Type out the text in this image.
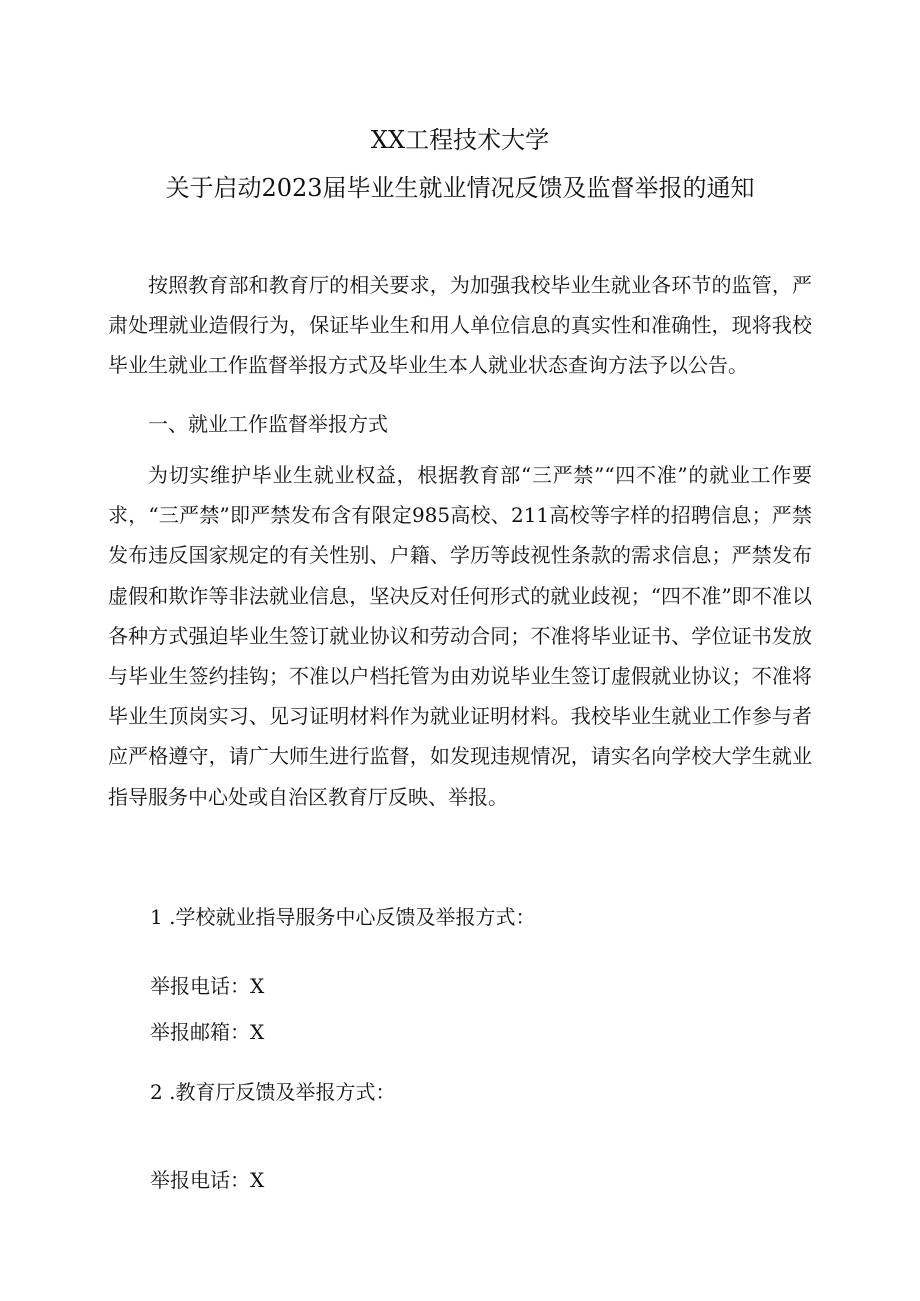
XX工程技术大学
关于启动2023届毕业生就业情况反馈及监督举报的通知

按照教育部和教育厅的相关要求，为加强我校毕业生就业各环节的监管，严肃处理就业造假行为，保证毕业生和用人单位信息的真实性和准确性，现将我校毕业生就业工作监督举报方式及毕业生本人就业状态查询方法予以公告。

一、就业工作监督举报方式

为切实维护毕业生就业权益，根据教育部“三严禁”“四不准”的就业工作要求，“三严禁”即严禁发布含有限定985高校、211高校等字样的招聘信息；严禁发布违反国家规定的有关性别、户籍、学历等歧视性条款的需求信息；严禁发布虚假和欺诈等非法就业信息，坚决反对任何形式的就业歧视；“四不准”即不准以各种方式强迫毕业生签订就业协议和劳动合同；不准将毕业证书、学位证书发放与毕业生签约挂钩；不准以户档托管为由劝说毕业生签订虚假就业协议；不准将毕业生顶岗实习、见习证明材料作为就业证明材料。我校毕业生就业工作参与者应严格遵守，请广大师生进行监督，如发现违规情况，请实名向学校大学生就业指导服务中心处或自治区教育厅反映、举报。

1 .学校就业指导服务中心反馈及举报方式：
举报电话：X
举报邮箱：X
2 .教育厅反馈及举报方式：
举报电话：X
